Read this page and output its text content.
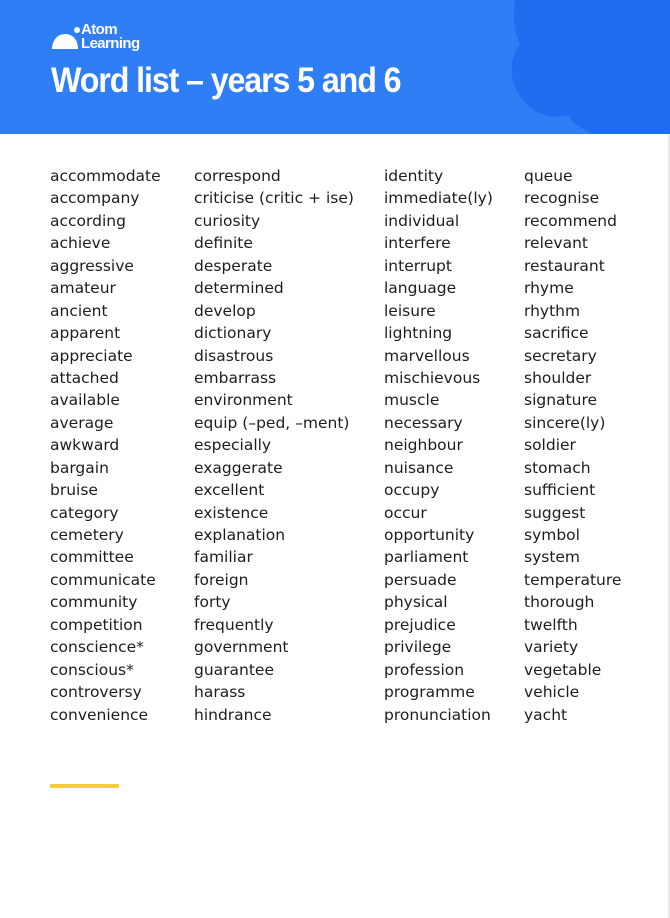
Atom
Learning
Word list – years 5 and 6
accommodate
accompany
according
achieve
aggressive
amateur
ancient
apparent
appreciate
attached
available
average
awkward
bargain
bruise
category
cemetery
committee
communicate
community
competition
conscience*
conscious*
controversy
convenience
correspond
criticise (critic + ise)
curiosity
definite
desperate
determined
develop
dictionary
disastrous
embarrass
environment
equip (–ped, –ment)
especially
exaggerate
excellent
existence
explanation
familiar
foreign
forty
frequently
government
guarantee
harass
hindrance
identity
immediate(ly)
individual
interfere
interrupt
language
leisure
lightning
marvellous
mischievous
muscle
necessary
neighbour
nuisance
occupy
occur
opportunity
parliament
persuade
physical
prejudice
privilege
profession
programme
pronunciation
queue
recognise
recommend
relevant
restaurant
rhyme
rhythm
sacrifice
secretary
shoulder
signature
sincere(ly)
soldier
stomach
sufficient
suggest
symbol
system
temperature
thorough
twelfth
variety
vegetable
vehicle
yacht
